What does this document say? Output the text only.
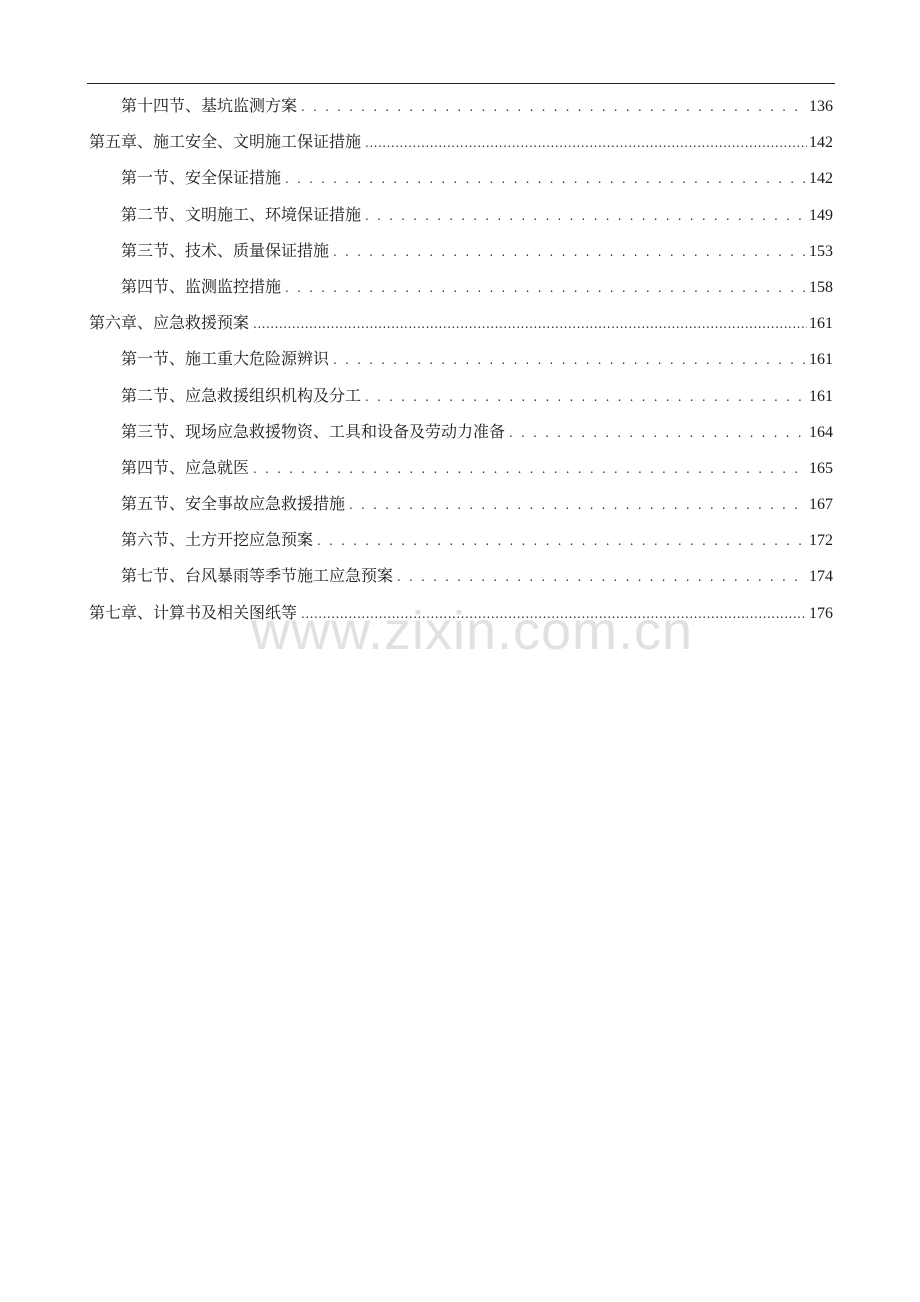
第十四节、基坑监测方案 . . .	136
第五章、施工安全、文明施工保证措施 .....	142
第一节、安全保证措施 . . .	142
第二节、文明施工、环境保证措施 . . .	149
第三节、技术、质量保证措施 . . .	153
第四节、监测监控措施 . . .	158
第六章、应急救援预案 .....	161
第一节、施工重大危险源辨识 . . .	161
第二节、应急救援组织机构及分工 . . .	161
第三节、现场应急救援物资、工具和设备及劳动力准备 . . .	164
第四节、应急就医 . . .	165
第五节、安全事故应急救援措施 . . .	167
第六节、土方开挖应急预案 . . .	172
第七节、台风暴雨等季节施工应急预案 . . .	174
第七章、计算书及相关图纸等 .....	176
www.zixin.com.cn
